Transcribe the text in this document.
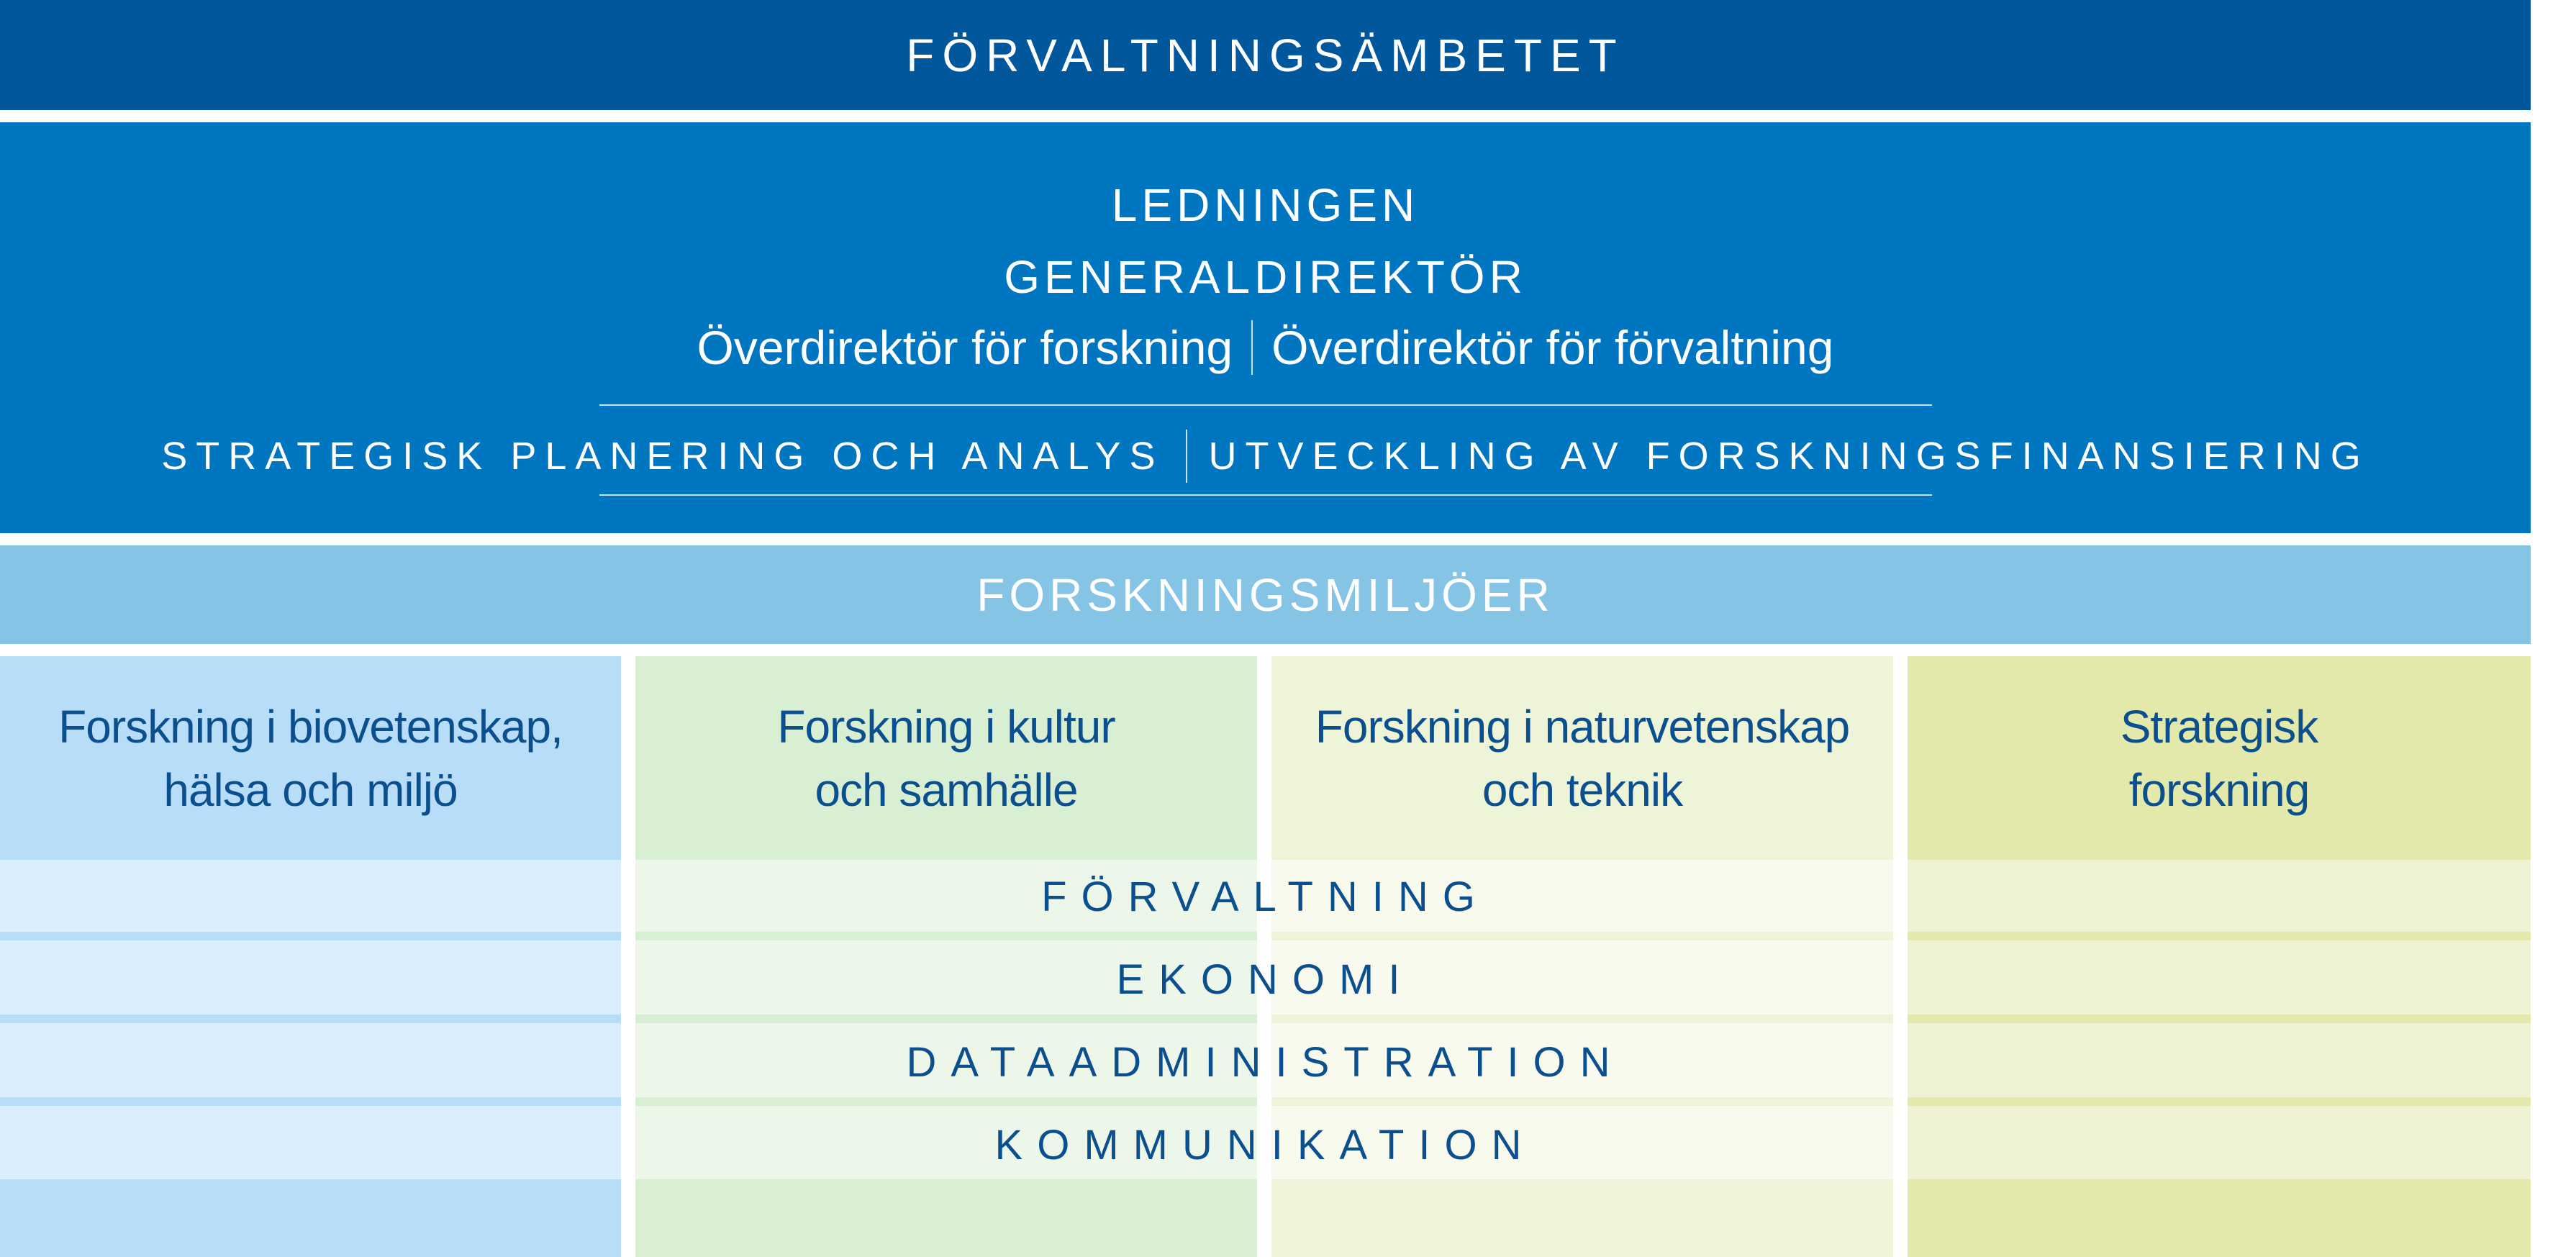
FÖRVALTNINGSÄMBETET
LEDNINGEN
GENERALDIREKTÖR
Överdirektör för forskning Överdirektör för förvaltning
STRATEGISK PLANERING OCH ANALYS UTVECKLING AV FORSKNINGSFINANSIERING
FORSKNINGSMILJÖER
Forskning i biovetenskap,
hälsa och miljö
Forskning i kultur
och samhälle
Forskning i naturvetenskap
och teknik
Strategisk
forskning
FÖRVALTNING
EKONOMI
DATAADMINISTRATION
KOMMUNIKATION
